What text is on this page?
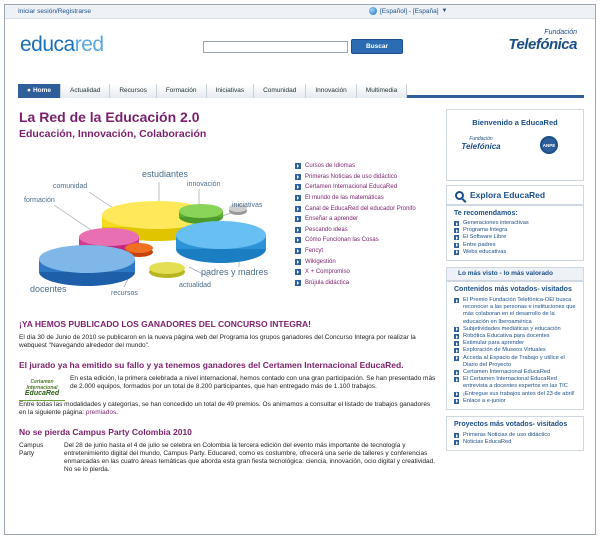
Iniciar sesión/Registrarse	[Español] - [España] ▼
educared	Buscar
Fundación
Telefónica
● Home	Actualidad	Recursos	Formación	Iniciativas	Comunidad	Innovación	Multimedia
La Red de la Educación 2.0
Educación, Innovación, Colaboración
estudiantes
comunidad	innovación
formación
iniciativas
padres y madres
docentes	recursos
actualidad
Cursos de Idiomas
Primeras Noticias de uso didáctico
Certamen Internacional EducaRed
El mundo de las matemáticas
Canal de EducaRed del educador Pronifo
Enseñar a aprender
Pescando ideas
Cómo Funcionan las Cosas
Fencyt
Wikigestión
X + Compromiso
Brújula didáctica
¡YA HEMOS PUBLICADO LOS GANADORES DEL CONCURSO INTEGRA!
El día 30 de Junio de 2010 se publicaron en la nueva página web del Programa los grupos ganadores del Concurso Integra por realizar la webquest "Navegando alrededor del mundo".
El jurado ya ha emitido su fallo y ya tenemos ganadores del Certamen Internacional EducaRed.
Certamen
Internacional
EducaRed
En esta edición, la primera celebrada a nivel internacional, hemos contado con una gran participación. Se han presentado más de 2.000 equipos, formados por un total de 8.200 participantes, que han entregado más de 1.100 trabajos.
Entre todas las modalidades y categorías, se han concedido un total de 49 premios. Os animamos a consultar el listado de trabajos ganadores en la siguiente página: premiados.
No se pierda Campus Party Colombia 2010
Campus Party
Del 28 de junio hasta el 4 de julio se celebra en Colombia la tercera edición del evento más importante de tecnología y entretenimiento digital del mundo, Campus Party. Educared, como es costumbre, ofrecerá una serie de talleres y conferencias enmarcadas en las cuatro áreas temáticas que aborda esta gran fiesta tecnológica: ciencia, innovación, ocio digital y creatividad. No se lo pierda.
Bienvenido a EducaRed
Fundación
Telefónica	ANPE
Explora EducaRed
Te recomendamos:
Generaciones interactivas
Programa Integra
El Software Libre
Entre padres
Webs educativas
Lo más visto - lo más valorado
Contenidos más votados- visitados
El Premio Fundación Telefónica-OEI busca reconocer a las personas e instituciones que más colaboran en el desarrollo de la educación en Iberoamérica
Subjetividades mediáticas y educación
Robótica Educativa para docentes
Estimular para aprender
Exploración de Museos Virtuales
Acceda al Espacio de Trabajo y utilice el Diario del Proyecto
Certamen Internacional EducaRed
El Certamen Internacional EducaRed entrevista a docentes expertos en las TIC
¡Entregue sus trabajos antes del 23 de abril!
Enlace a e-junior
Proyectos más votados- visitados
Primeras Noticias de uso didáctico
Noticias EducaRed
